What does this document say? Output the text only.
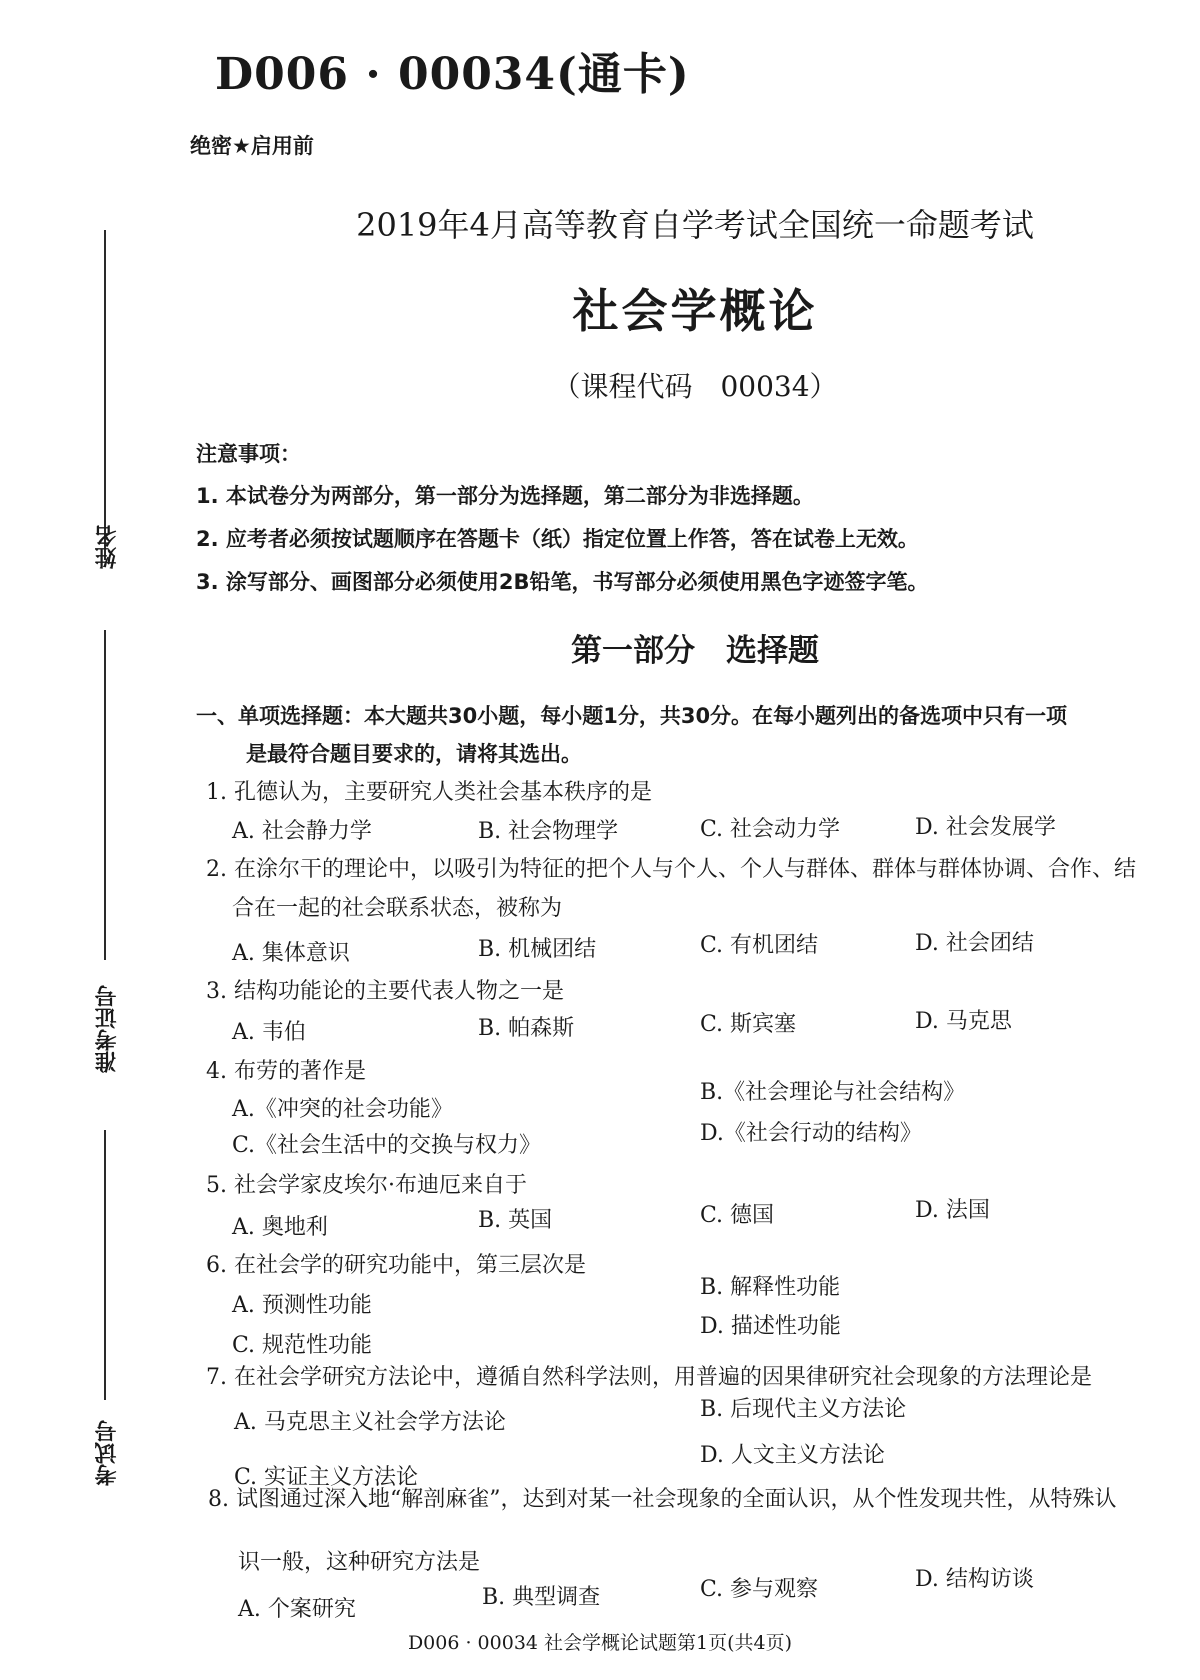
姓名
准考证号
考试号
D006 · 00034(通卡)
绝密★启用前
2019年4月高等教育自学考试全国统一命题考试
社会学概论
（课程代码　00034）
注意事项：
1. 本试卷分为两部分，第一部分为选择题，第二部分为非选择题。
2. 应考者必须按试题顺序在答题卡（纸）指定位置上作答，答在试卷上无效。
3. 涂写部分、画图部分必须使用2B铅笔，书写部分必须使用黑色字迹签字笔。
第一部分　选择题
一、单项选择题：本大题共30小题，每小题1分，共30分。在每小题列出的备选项中只有一项
是最符合题目要求的，请将其选出。
1. 孔德认为，主要研究人类社会基本秩序的是
A. 社会静力学	B. 社会物理学	C. 社会动力学	D. 社会发展学
2. 在涂尔干的理论中，以吸引为特征的把个人与个人、个人与群体、群体与群体协调、合作、结
合在一起的社会联系状态，被称为
A. 集体意识	B. 机械团结	C. 有机团结	D. 社会团结
3. 结构功能论的主要代表人物之一是
A. 韦伯	B. 帕森斯	C. 斯宾塞	D. 马克思
4. 布劳的著作是
A.《冲突的社会功能》
B.《社会理论与社会结构》
C.《社会生活中的交换与权力》	D.《社会行动的结构》
5. 社会学家皮埃尔·布迪厄来自于
A. 奥地利	B. 英国	C. 德国	D. 法国
6. 在社会学的研究功能中，第三层次是
A. 预测性功能
B. 解释性功能
C. 规范性功能
D. 描述性功能
7. 在社会学研究方法论中，遵循自然科学法则，用普遍的因果律研究社会现象的方法理论是
A. 马克思主义社会学方法论
B. 后现代主义方法论
C. 实证主义方法论
D. 人文主义方法论
8. 试图通过深入地“解剖麻雀”，达到对某一社会现象的全面认识，从个性发现共性，从特殊认
识一般，这种研究方法是
A. 个案研究	B. 典型调查	C. 参与观察	D. 结构访谈
D006 · 00034 社会学概论试题第1页(共4页)
